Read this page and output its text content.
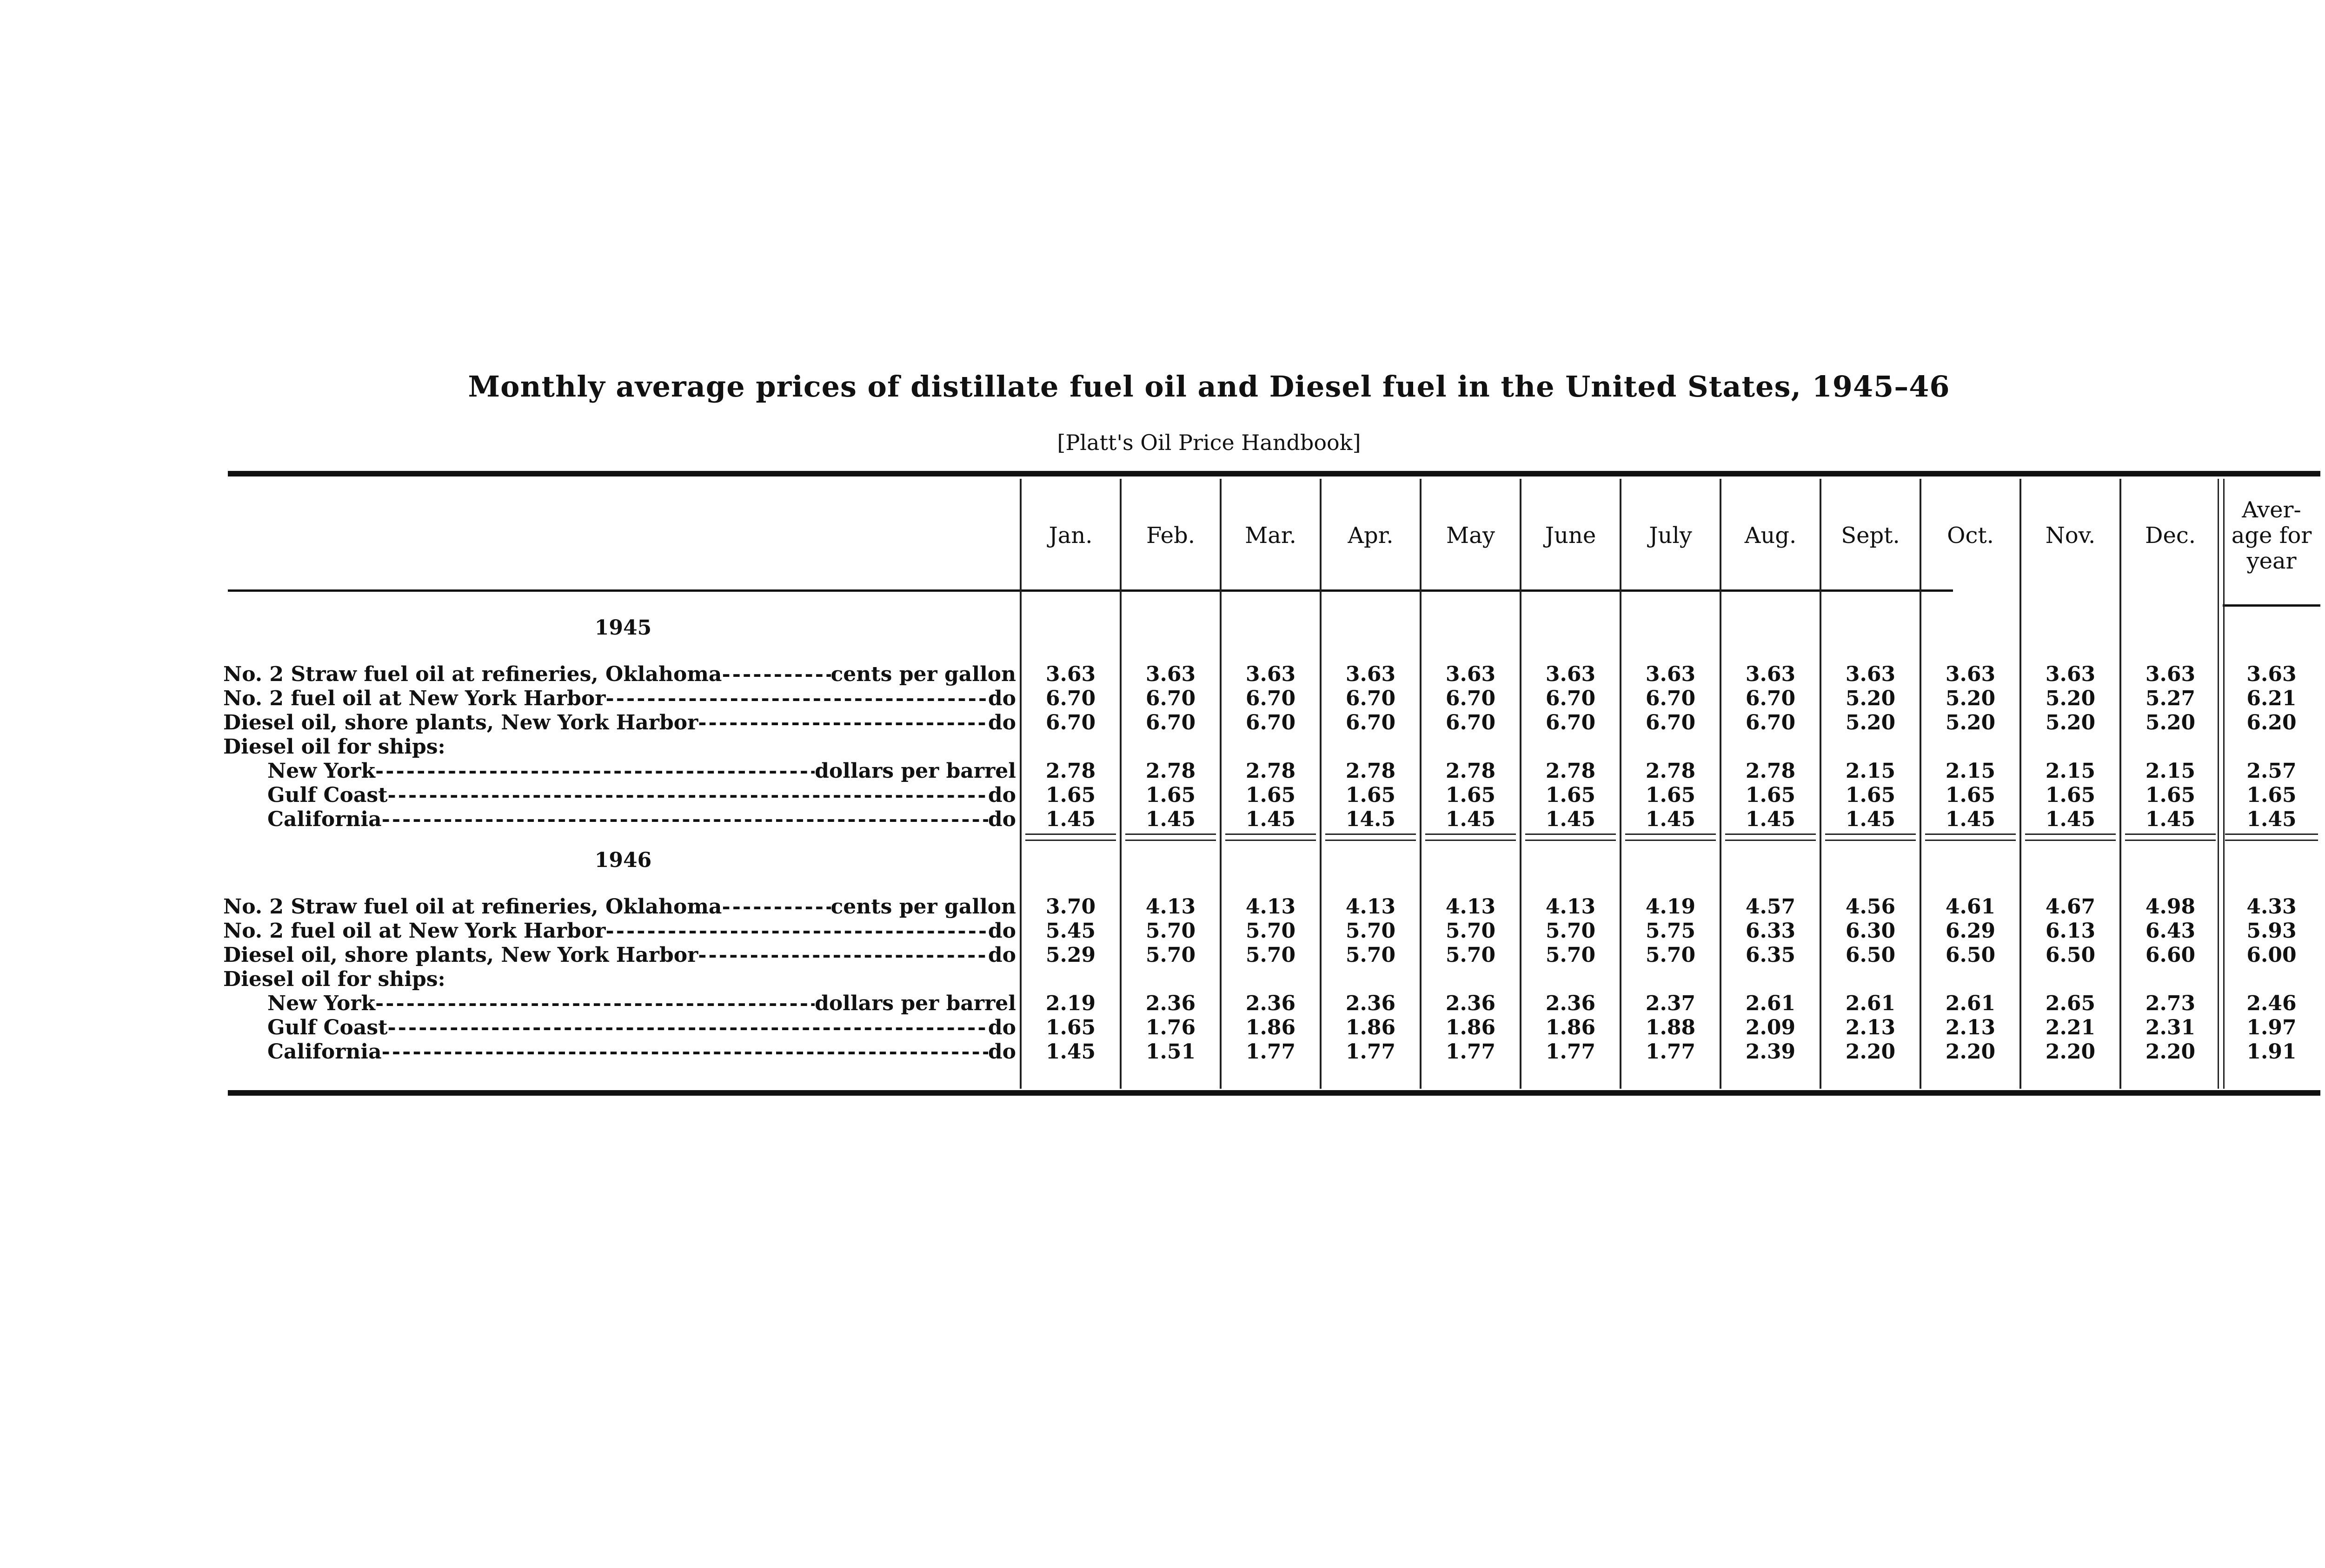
Monthly average prices of distillate fuel oil and Diesel fuel in the United States, 1945–46
[Platt's Oil Price Handbook]
Jan.	Feb.	Mar.	Apr.	May	June	July	Aug.	Sept.	Oct.	Nov.	Dec.
Aver-
age for
year
1945
No. 2 Straw fuel oil at refineries, Oklahoma -----	cents per gallon	3.63	3.63	3.63	3.63	3.63	3.63	3.63	3.63	3.63	3.63	3.63	3.63	3.63
No. 2 fuel oil at New York Harbor -----	do	6.70	6.70	6.70	6.70	6.70	6.70	6.70	6.70	5.20	5.20	5.20	5.27	6.21
Diesel oil, shore plants, New York Harbor -----	do	6.70	6.70	6.70	6.70	6.70	6.70	6.70	6.70	5.20	5.20	5.20	5.20	6.20
Diesel oil for ships:
New York -----	dollars per barrel	2.78	2.78	2.78	2.78	2.78	2.78	2.78	2.78	2.15	2.15	2.15	2.15	2.57
Gulf Coast -----	do	1.65	1.65	1.65	1.65	1.65	1.65	1.65	1.65	1.65	1.65	1.65	1.65	1.65
California -----	do	1.45	1.45	1.45	14.5	1.45	1.45	1.45	1.45	1.45	1.45	1.45	1.45	1.45
1946
No. 2 Straw fuel oil at refineries, Oklahoma -----	cents per gallon	3.70	4.13	4.13	4.13	4.13	4.13	4.19	4.57	4.56	4.61	4.67	4.98	4.33
No. 2 fuel oil at New York Harbor -----	do	5.45	5.70	5.70	5.70	5.70	5.70	5.75	6.33	6.30	6.29	6.13	6.43	5.93
Diesel oil, shore plants, New York Harbor -----	do	5.29	5.70	5.70	5.70	5.70	5.70	5.70	6.35	6.50	6.50	6.50	6.60	6.00
Diesel oil for ships:
New York -----	dollars per barrel	2.19	2.36	2.36	2.36	2.36	2.36	2.37	2.61	2.61	2.61	2.65	2.73	2.46
Gulf Coast -----	do	1.65	1.76	1.86	1.86	1.86	1.86	1.88	2.09	2.13	2.13	2.21	2.31	1.97
California -----	do	1.45	1.51	1.77	1.77	1.77	1.77	1.77	2.39	2.20	2.20	2.20	2.20	1.91
